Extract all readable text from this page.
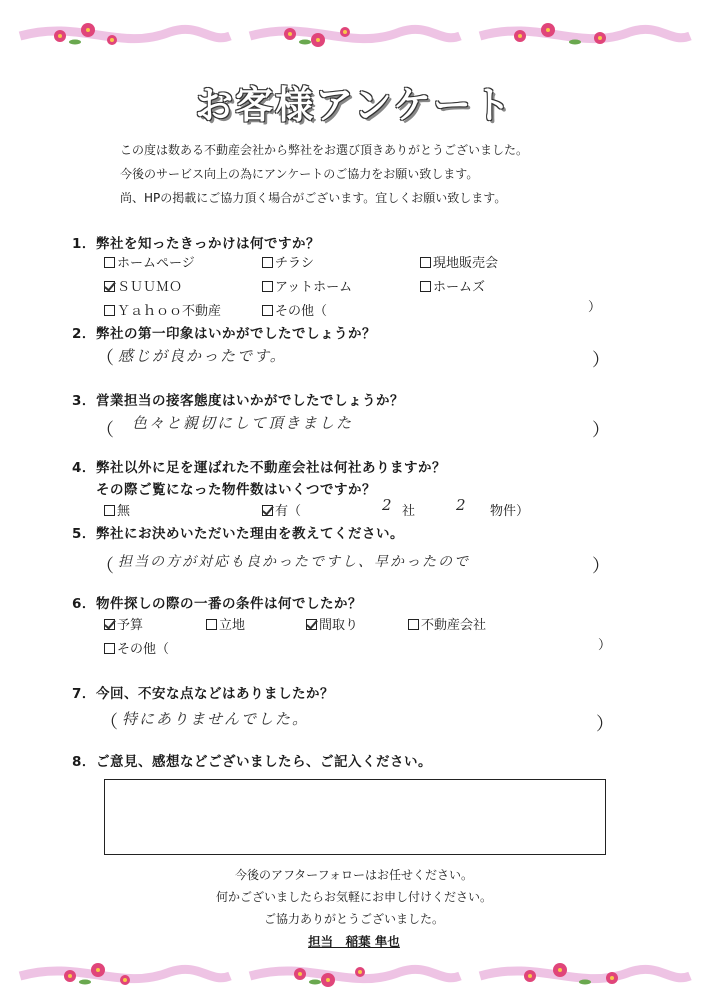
お客様アンケート
この度は数ある不動産会社から弊社をお選び頂きありがとうございました。
今後のサービス向上の為にアンケートのご協力をお願い致します。
尚、HPの掲載にご協力頂く場合がございます。宜しくお願い致します。
1．弊社を知ったきっかけは何ですか？
ホームページ	チラシ	現地販売会
ＳＵＵＭＯ	アットホーム	ホームズ
Ｙａｈｏｏ不動産	その他（	）
2．弊社の第一印象はいかがでしたでしょうか？
（ 感じが良かったです。	）
3．営業担当の接客態度はいかがでしたでしょうか？
（ 色々と親切にして頂きました	）
4．弊社以外に足を運ばれた不動産会社は何社ありますか？
その際ご覧になった物件数はいくつですか？
無	有（	2 社	2 物件）
5．弊社にお決めいただいた理由を教えてください。
（ 担当の方が対応も良かったですし、早かったので	）
6．物件探しの際の一番の条件は何でしたか？
予算	立地	間取り	不動産会社
その他（	）
7．今回、不安な点などはありましたか？
（ 特にありませんでした。	）
8．ご意見、感想などございましたら、ご記入ください。
今後のアフターフォローはお任せください。
何かございましたらお気軽にお申し付けください。
ご協力ありがとうございました。
担当　稲葉 隼也
